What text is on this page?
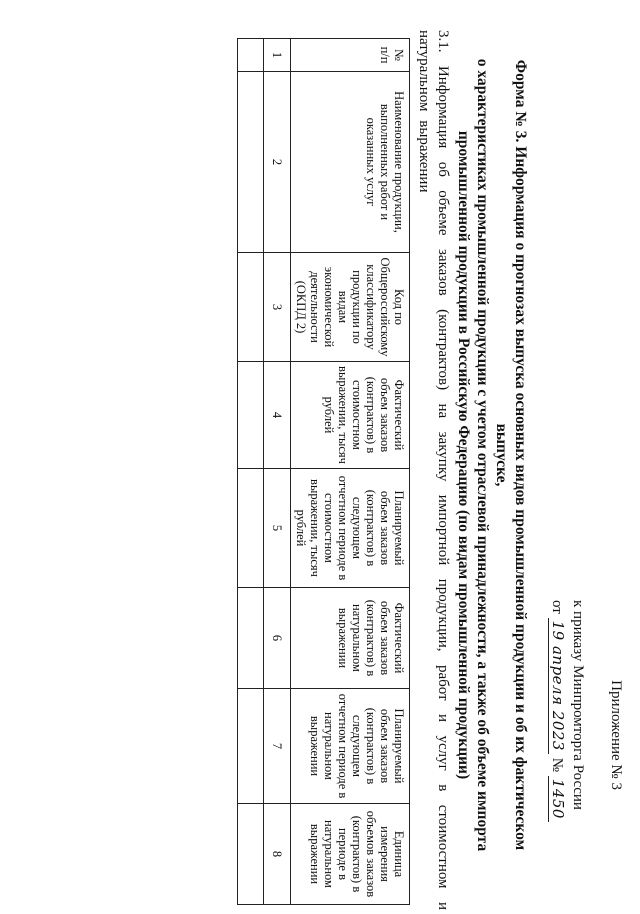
Приложение № 3
к приказу Минпромторга России
от 19 апреля 2023 № 1450
Форма № 3. Информация о прогнозах выпуска основных видов промышленной продукции и об их фактическом выпуске,
о характеристиках промышленной продукции с учетом отраслевой принадлежности, а также об объеме импорта
промышленной продукции в Российскую Федерацию (по видам промышленной продукции)
3.1. Информация об объеме заказов (контрактов) на закупку импортной продукции, работ и услуг в стоимостном и натуральном выражении
№ п/п	Наименование продукции, выполненных работ и оказанных услуг	Код по Общероссийскому классификатору продукции по видам экономической деятельности (ОКПД 2)	Фактический объем заказов (контрактов) в стоимостном выражении, тысяч рублей	Планируемый объем заказов (контрактов) в следующем отчетном периоде в стоимостном выражении, тысяч рублей	Фактический объем заказов (контрактов) в натуральном выражении	Планируемый объем заказов (контрактов) в следующем отчетном периоде в натуральном выражении	Единица измерения объемов заказов (контрактов) в периоде в натуральном выражении
1	2	3	4	5	6	7	8
